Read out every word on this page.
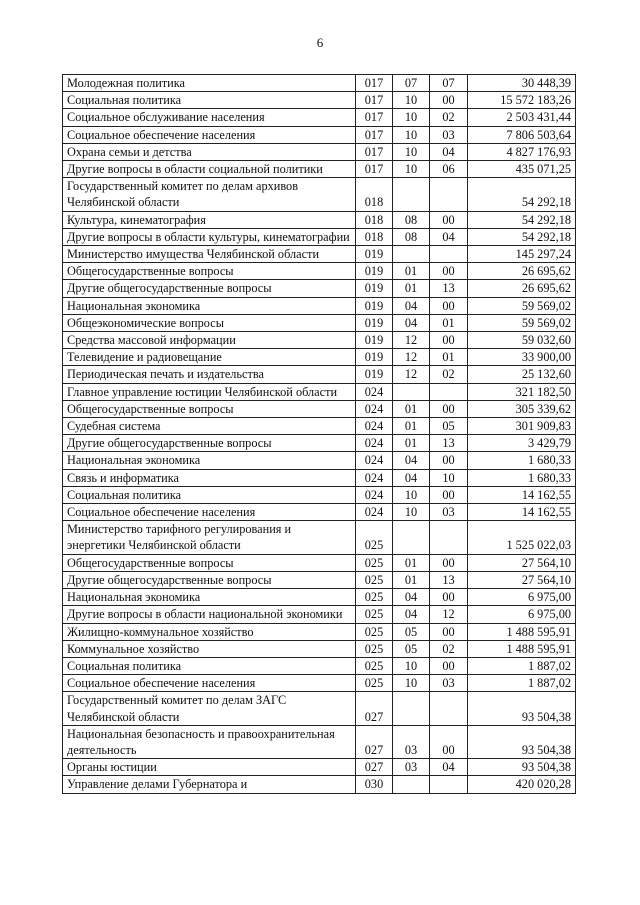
6
Молодежная политика	017	07	07	30 448,39
Социальная политика	017	10	00	15 572 183,26
Социальное обслуживание населения	017	10	02	2 503 431,44
Социальное обеспечение населения	017	10	03	7 806 503,64
Охрана семьи и детства	017	10	04	4 827 176,93
Другие вопросы в области социальной политики	017	10	06	435 071,25
Государственный комитет по делам архивов Челябинской области	018			54 292,18
Культура, кинематография	018	08	00	54 292,18
Другие вопросы в области культуры, кинематографии	018	08	04	54 292,18
Министерство имущества Челябинской области	019			145 297,24
Общегосударственные вопросы	019	01	00	26 695,62
Другие общегосударственные вопросы	019	01	13	26 695,62
Национальная экономика	019	04	00	59 569,02
Общеэкономические вопросы	019	04	01	59 569,02
Средства массовой информации	019	12	00	59 032,60
Телевидение и радиовещание	019	12	01	33 900,00
Периодическая печать и издательства	019	12	02	25 132,60
Главное управление юстиции Челябинской области	024			321 182,50
Общегосударственные вопросы	024	01	00	305 339,62
Судебная система	024	01	05	301 909,83
Другие общегосударственные вопросы	024	01	13	3 429,79
Национальная экономика	024	04	00	1 680,33
Связь и информатика	024	04	10	1 680,33
Социальная политика	024	10	00	14 162,55
Социальное обеспечение населения	024	10	03	14 162,55
Министерство тарифного регулирования и энергетики Челябинской области	025			1 525 022,03
Общегосударственные вопросы	025	01	00	27 564,10
Другие общегосударственные вопросы	025	01	13	27 564,10
Национальная экономика	025	04	00	6 975,00
Другие вопросы в области национальной экономики	025	04	12	6 975,00
Жилищно-коммунальное хозяйство	025	05	00	1 488 595,91
Коммунальное хозяйство	025	05	02	1 488 595,91
Социальная политика	025	10	00	1 887,02
Социальное обеспечение населения	025	10	03	1 887,02
Государственный комитет по делам ЗАГС Челябинской области	027			93 504,38
Национальная безопасность и правоохранительная деятельность	027	03	00	93 504,38
Органы юстиции	027	03	04	93 504,38
Управление делами Губернатора и	030			420 020,28
